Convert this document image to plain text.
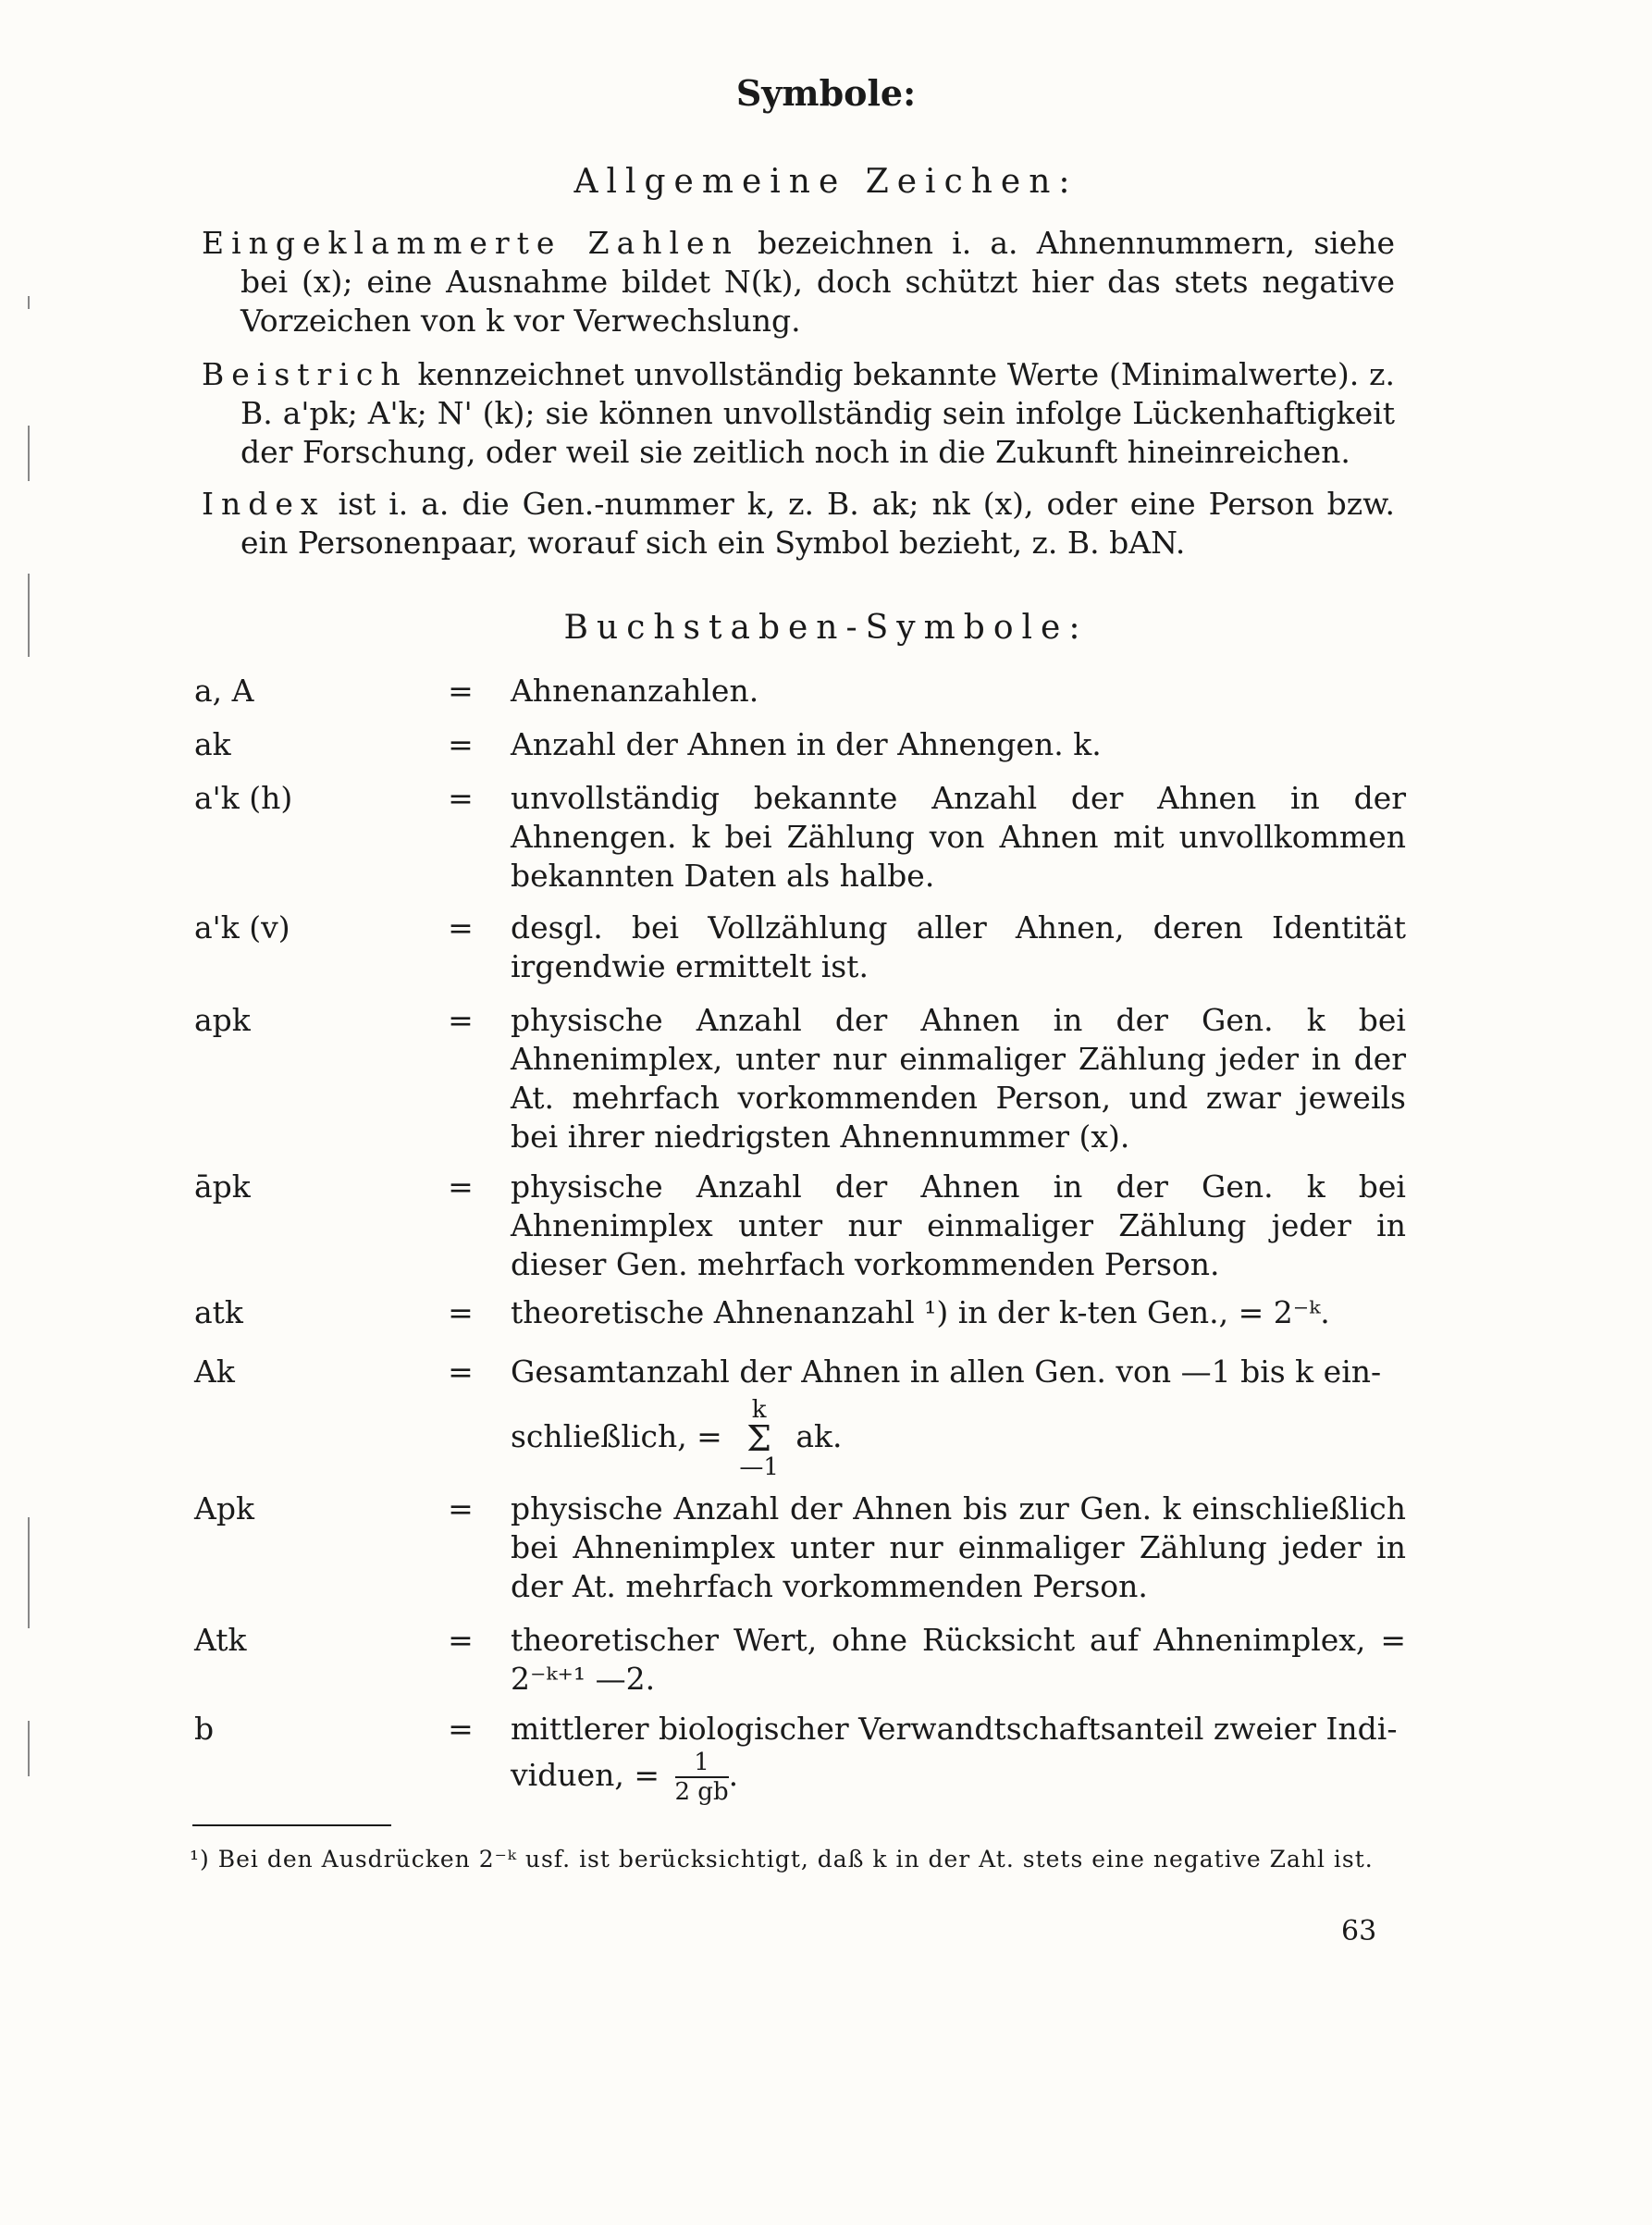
Symbole:
Allgemeine Zeichen:
Eingeklammerte Zahlen bezeichnen i. a. Ahnennummern, siehe bei (x); eine Ausnahme bildet N(k), doch schützt hier das stets negative Vorzeichen von k vor Verwechslung.
Beistrich kennzeichnet unvollständig bekannte Werte (Minimalwerte). z. B. a'pk; A'k; N' (k); sie können unvollständig sein infolge Lückenhaftigkeit der Forschung, oder weil sie zeitlich noch in die Zukunft hineinreichen.
Index ist i. a. die Gen.-nummer k, z. B. ak; nk (x), oder eine Person bzw. ein Personenpaar, worauf sich ein Symbol bezieht, z. B. bAN.
Buchstaben-Symbole:
a, A	= Ahnenanzahlen.
ak	= Anzahl der Ahnen in der Ahnengen. k.
a'k (h)	= unvollständig bekannte Anzahl der Ahnen in der Ahnengen. k bei Zählung von Ahnen mit unvollkommen bekannten Daten als halbe.
a'k (v)	= desgl. bei Vollzählung aller Ahnen, deren Identität irgendwie ermittelt ist.
apk	= physische Anzahl der Ahnen in der Gen. k bei Ahnenimplex, unter nur einmaliger Zählung jeder in der At. mehrfach vorkommenden Person, und zwar jeweils bei ihrer niedrigsten Ahnennummer (x).
āpk	= physische Anzahl der Ahnen in der Gen. k bei Ahnenimplex unter nur einmaliger Zählung jeder in dieser Gen. mehrfach vorkommenden Person.
atk	= theoretische Ahnenanzahl ¹) in der k-ten Gen., = 2⁻ᵏ.
Ak	= Gesamtanzahl der Ahnen in allen Gen. von —1 bis k ein-
schließlich, =
k
Σ
—1
ak.
Apk	= physische Anzahl der Ahnen bis zur Gen. k einschließlich bei Ahnenimplex unter nur einmaliger Zählung jeder in der At. mehrfach vorkommenden Person.
Atk	= theoretischer Wert, ohne Rücksicht auf Ahnenimplex, = 2⁻ᵏ⁺¹ —2.
b	= mittlerer biologischer Verwandtschaftsanteil zweier Indi-
viduen, = $\frac{1}{2 gb}$ .
¹) Bei den Ausdrücken 2⁻ᵏ usf. ist berücksichtigt, daß k in der At. stets eine negative Zahl ist.
63
